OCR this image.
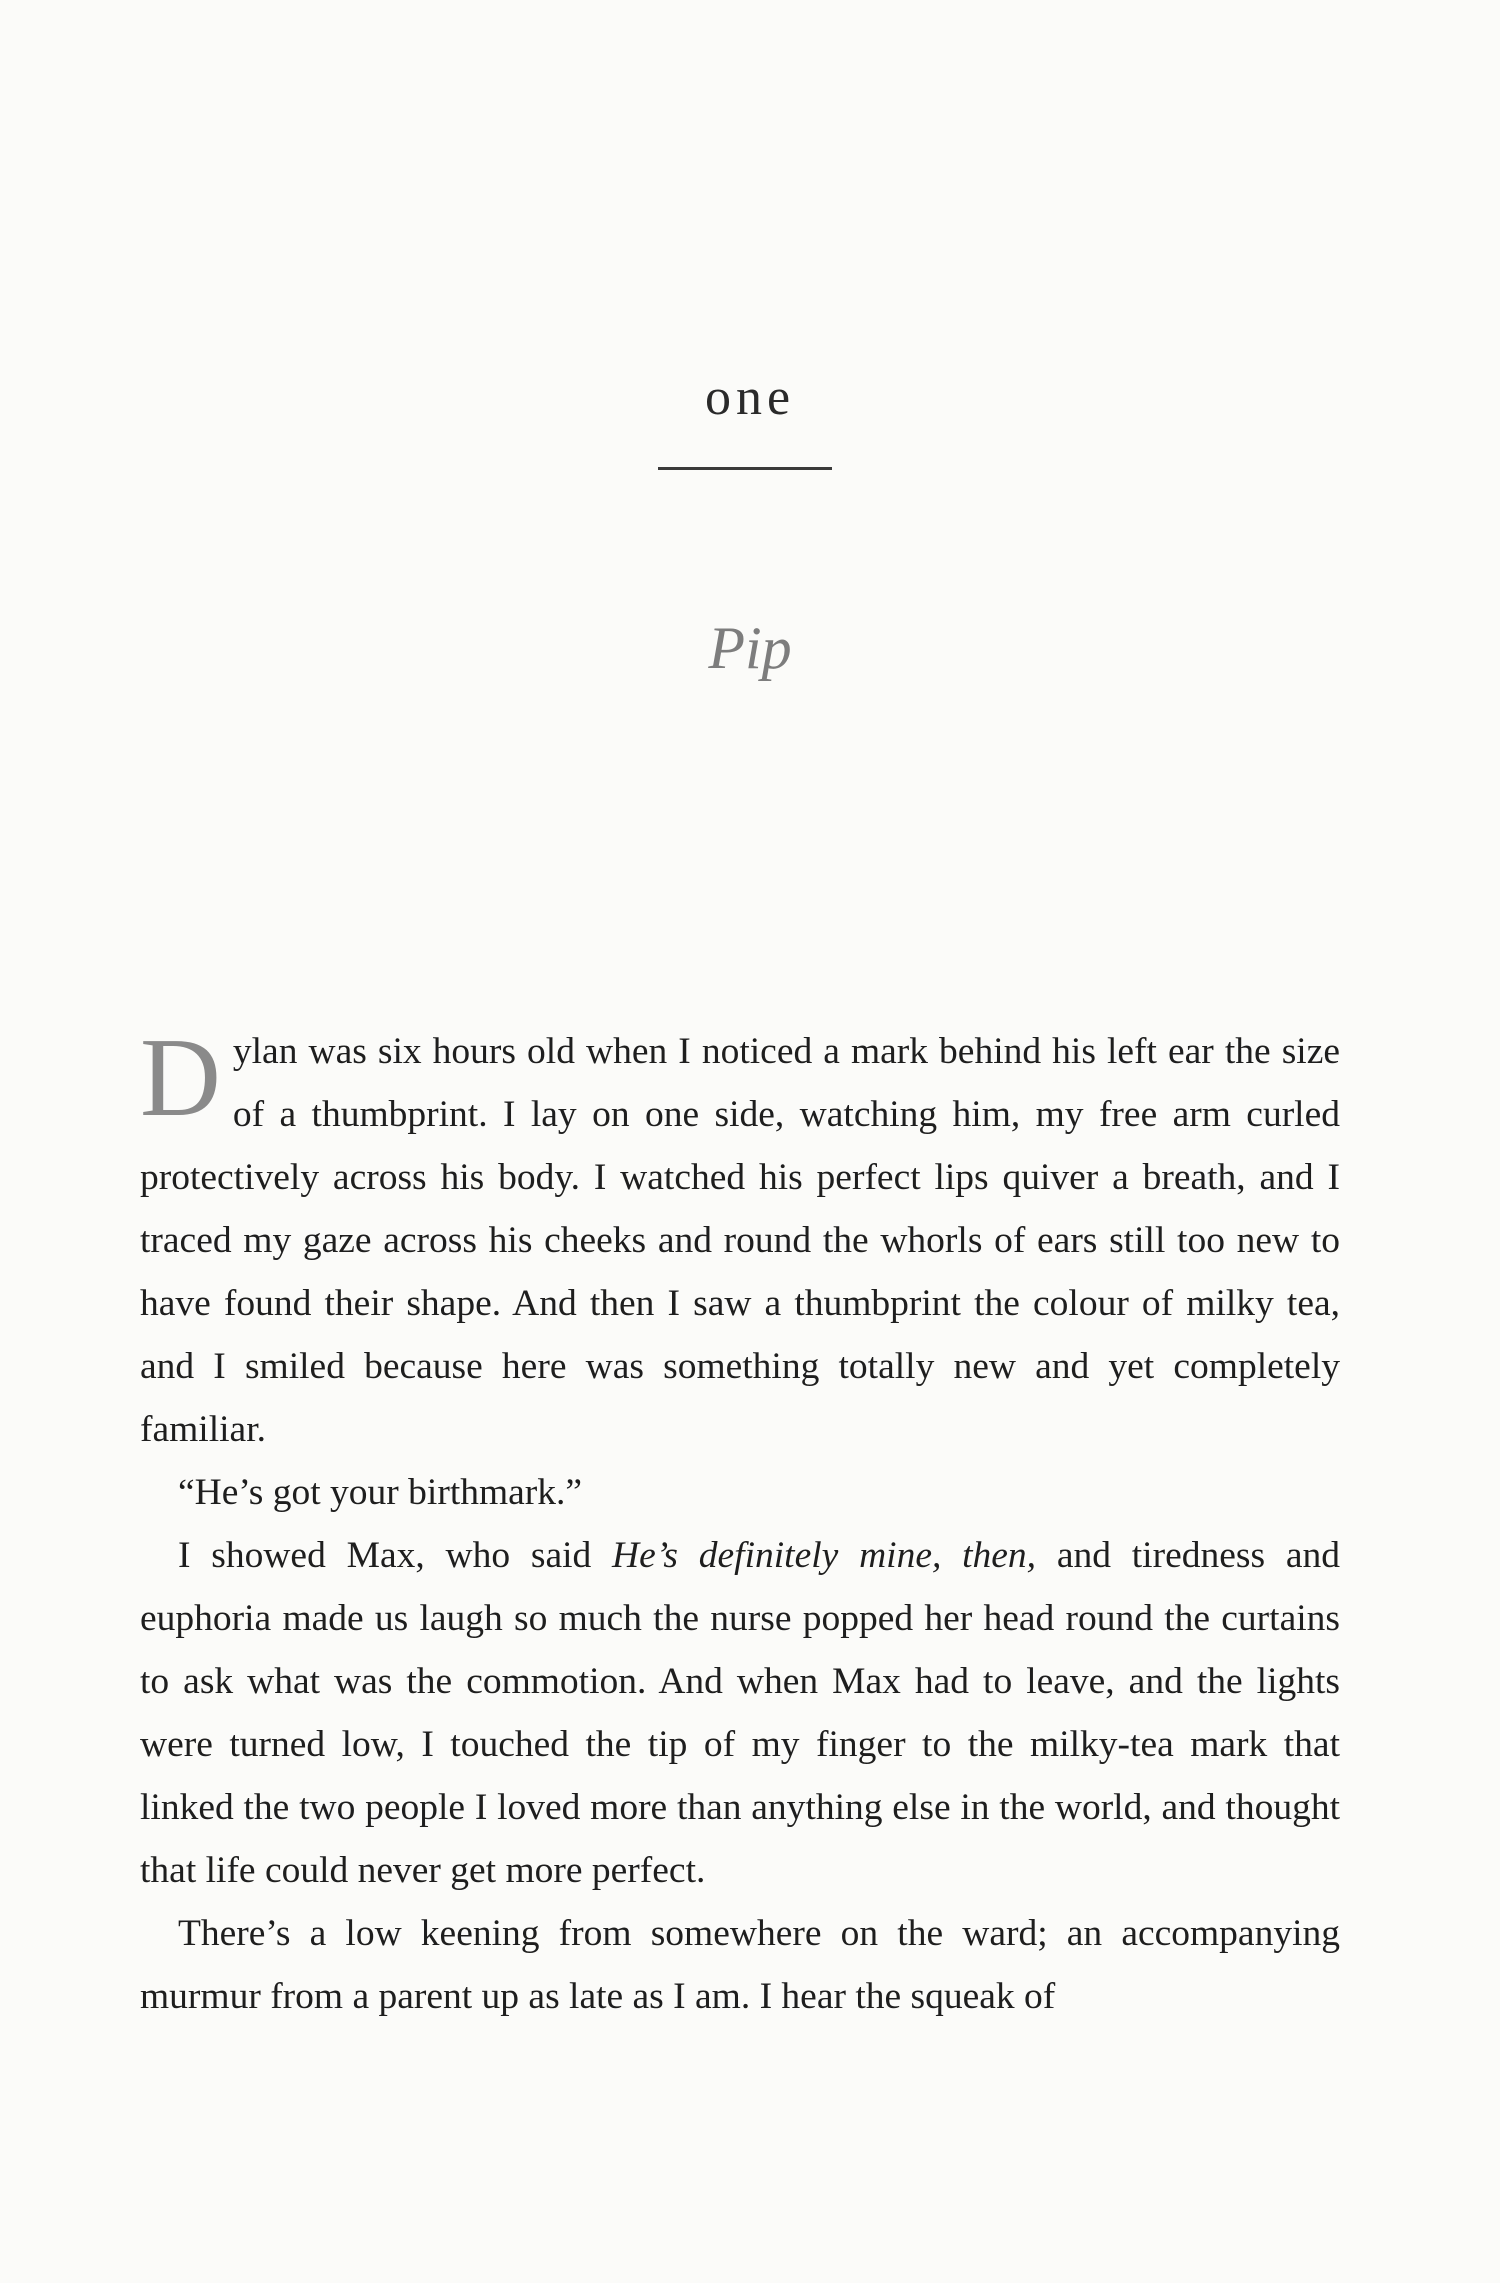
one
Pip

Dylan was six hours old when I noticed a mark behind his left ear the size of a thumbprint. I lay on one side, watching him, my free arm curled protectively across his body. I watched his perfect lips quiver a breath, and I traced my gaze across his cheeks and round the whorls of ears still too new to have found their shape. And then I saw a thumbprint the colour of milky tea, and I smiled because here was something totally new and yet completely familiar.

“He’s got your birthmark.”

I showed Max, who said He’s definitely mine, then, and tiredness and euphoria made us laugh so much the nurse popped her head round the curtains to ask what was the commotion. And when Max had to leave, and the lights were turned low, I touched the tip of my finger to the milky-tea mark that linked the two people I loved more than anything else in the world, and thought that life could never get more perfect.

There’s a low keening from somewhere on the ward; an accompanying murmur from a parent up as late as I am. I hear the squeak of
